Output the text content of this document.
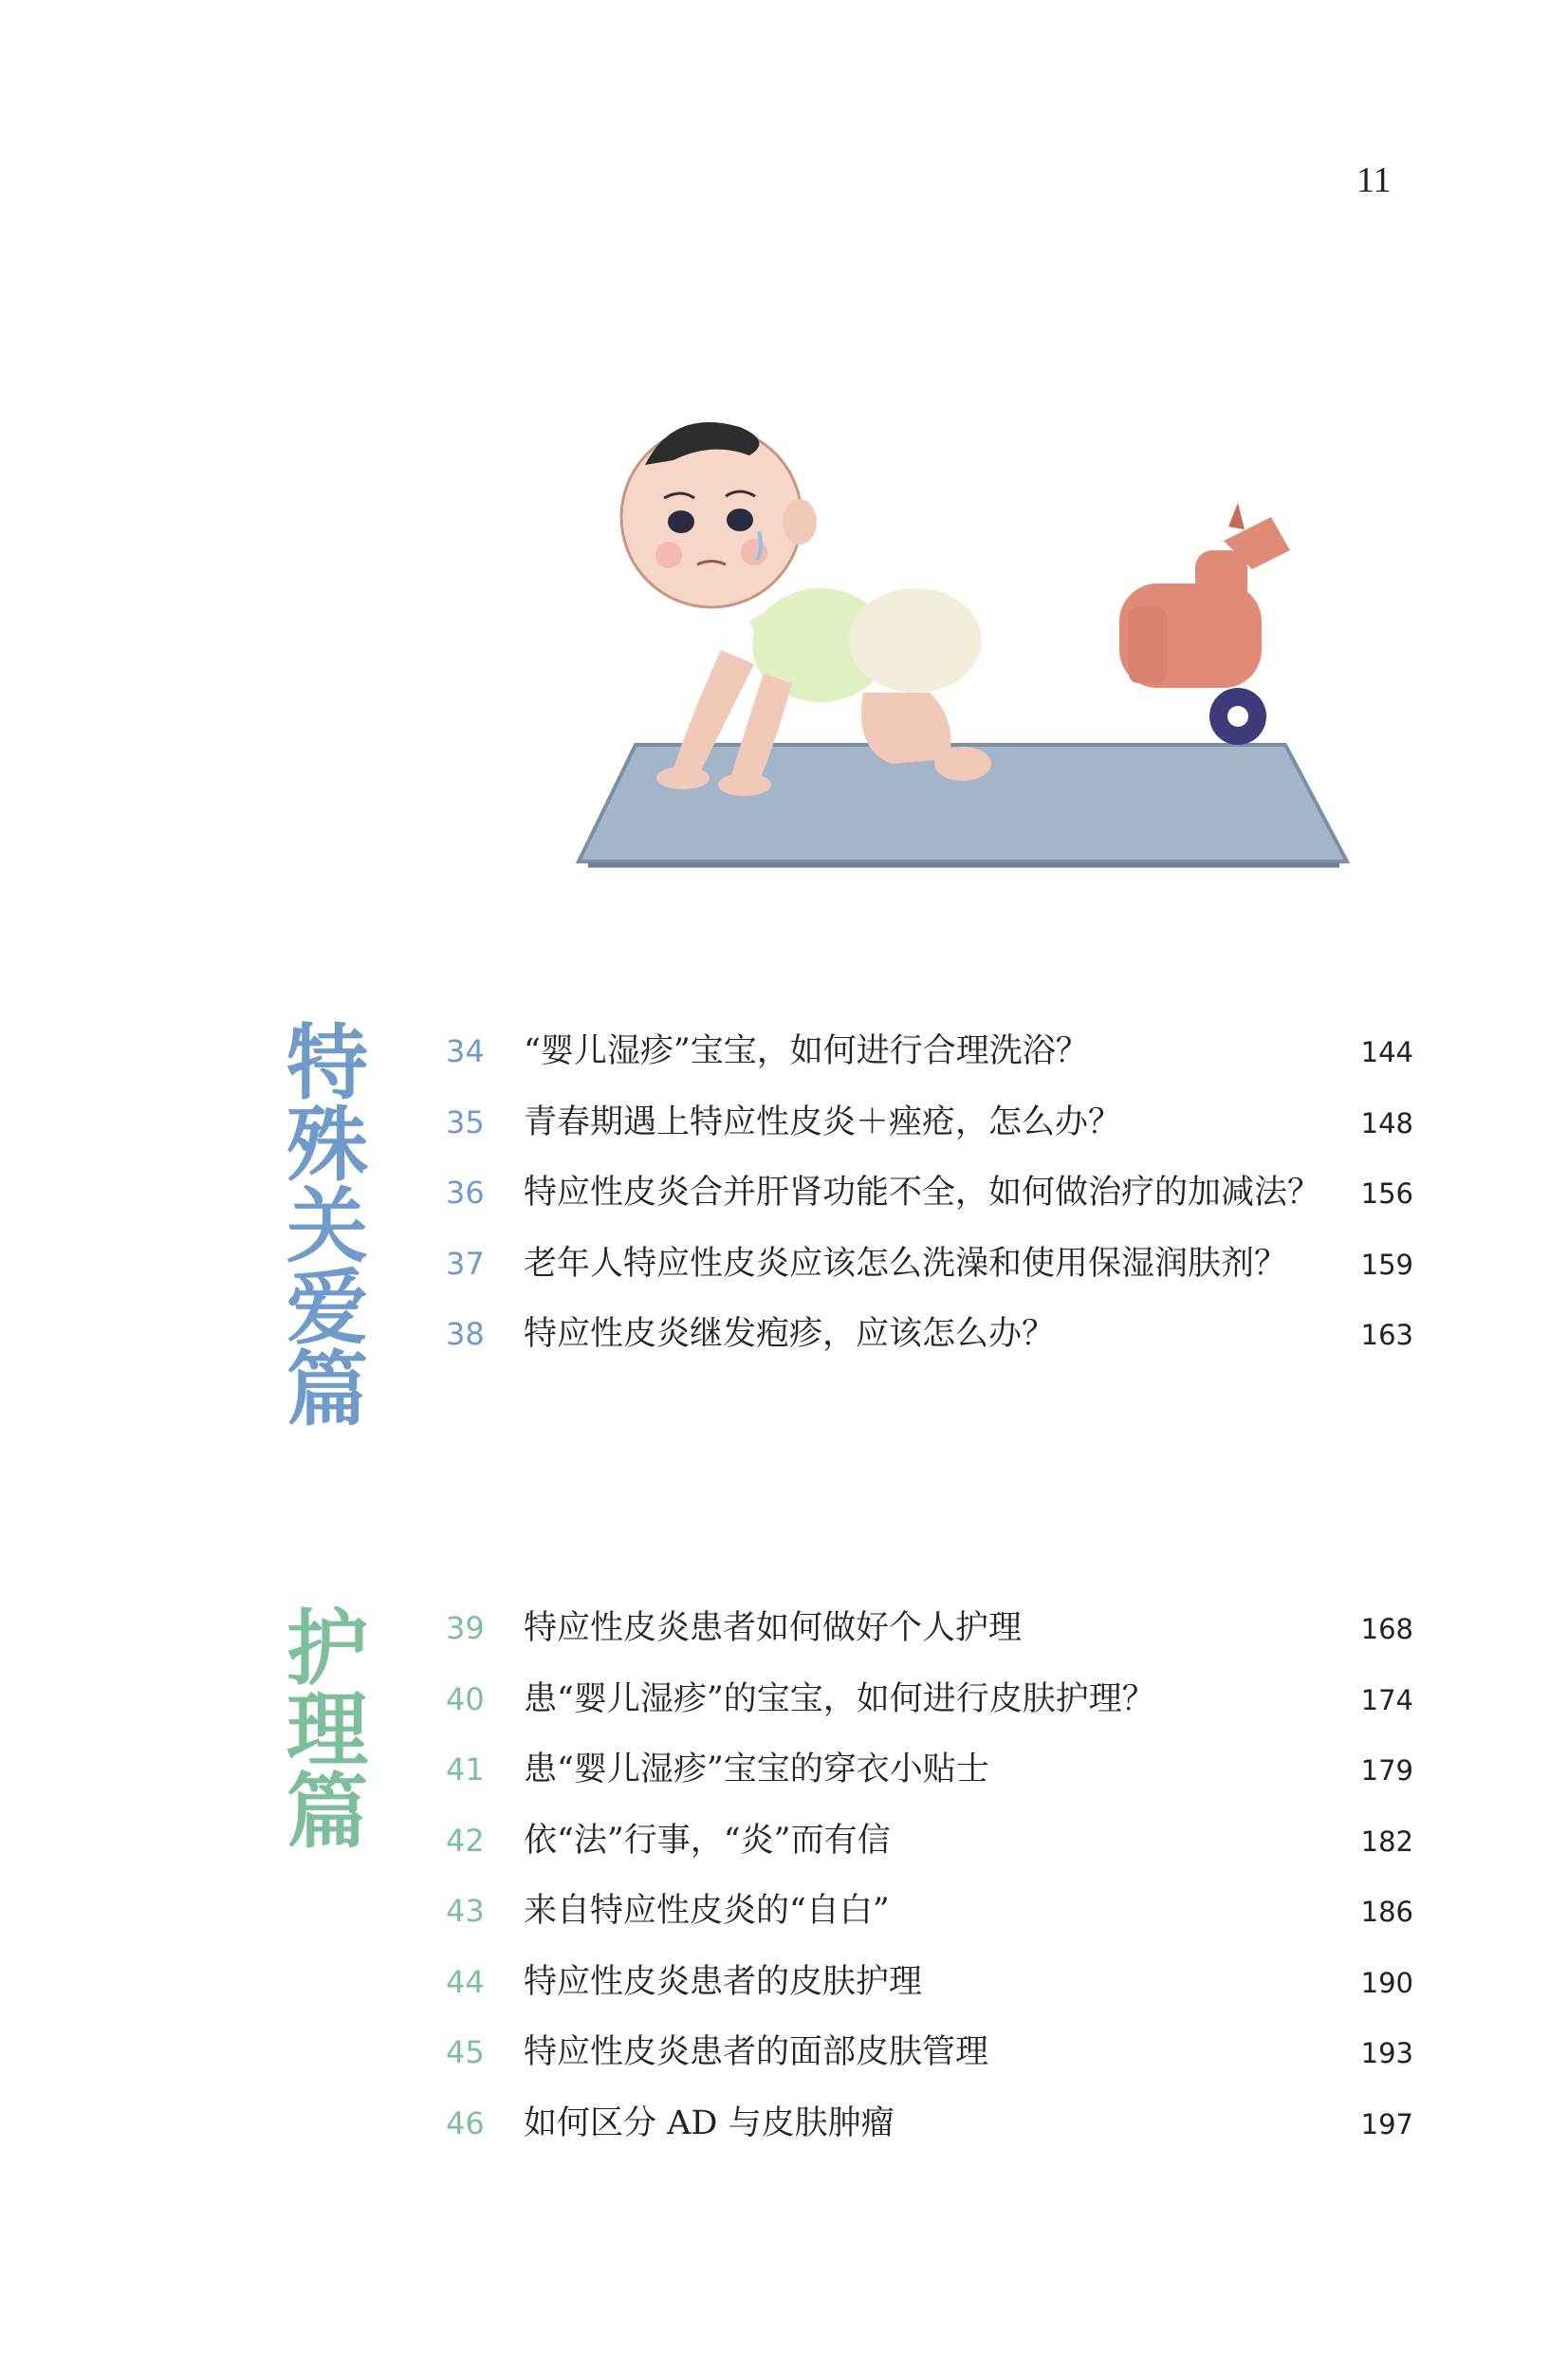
11
特
殊
关
爱
篇
34	“婴儿湿疹”宝宝，如何进行合理洗浴？	144
35	青春期遇上特应性皮炎＋痤疮，怎么办？	148
36	特应性皮炎合并肝肾功能不全，如何做治疗的加减法？	156
37	老年人特应性皮炎应该怎么洗澡和使用保湿润肤剂？	159
38	特应性皮炎继发疱疹，应该怎么办？	163
护
理
篇
39	特应性皮炎患者如何做好个人护理	168
40	患“婴儿湿疹”的宝宝，如何进行皮肤护理？	174
41	患“婴儿湿疹”宝宝的穿衣小贴士	179
42	依“法”行事，“炎”而有信	182
43	来自特应性皮炎的“自白”	186
44	特应性皮炎患者的皮肤护理	190
45	特应性皮炎患者的面部皮肤管理	193
46	如何区分 AD 与皮肤肿瘤	197
